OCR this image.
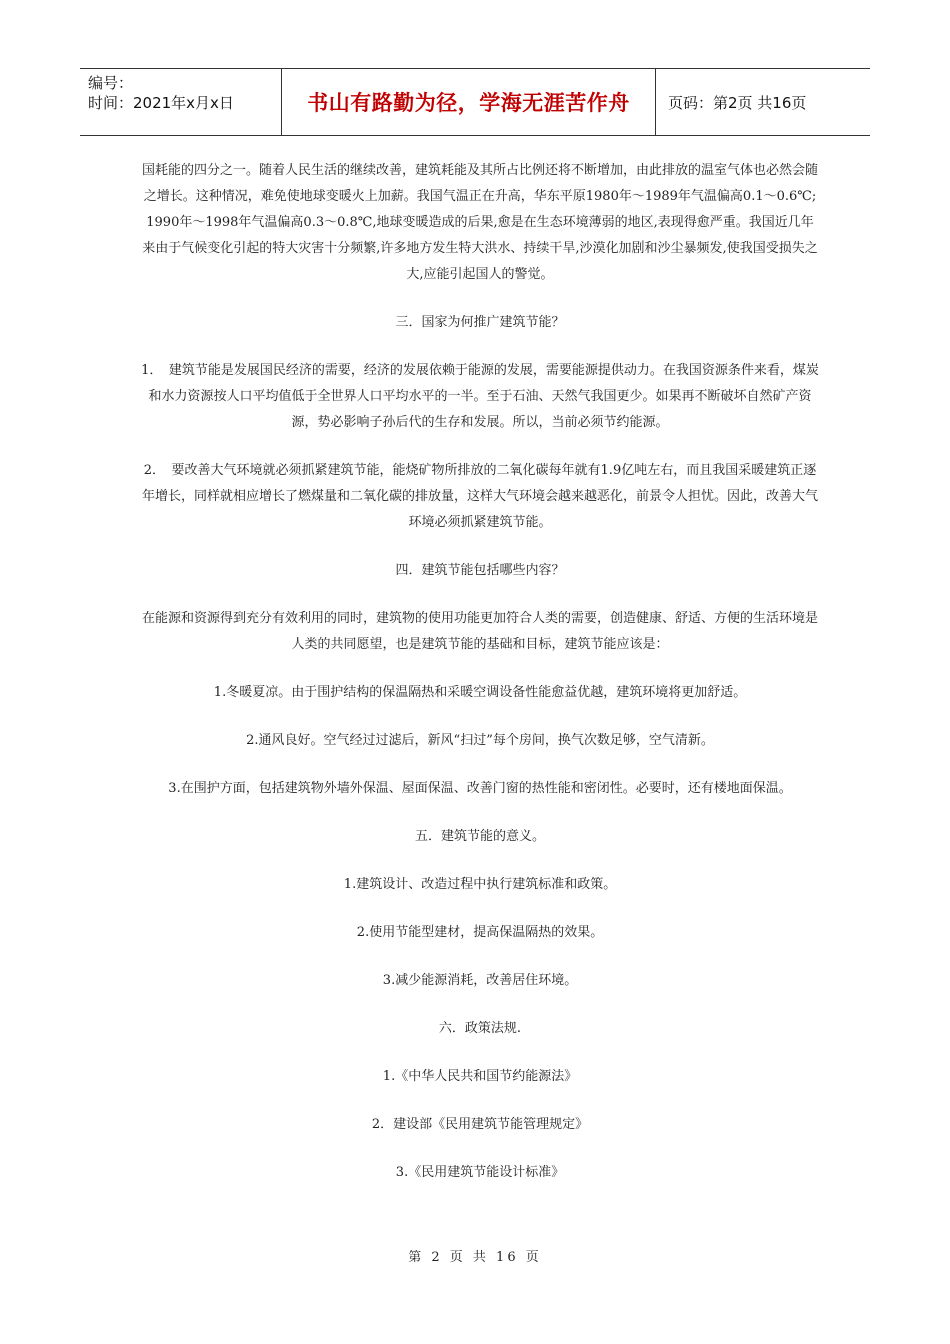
编号：
时间：2021年x月x日	书山有路勤为径，学海无涯苦作舟	页码：第2页 共16页

国耗能的四分之一。随着人民生活的继续改善，建筑耗能及其所占比例还将不断增加，由此排放的温室气体也必然会随之增长。这种情况，难免使地球变暖火上加薪。我国气温正在升高，华东平原1980年～1989年气温偏高0.1～0.6℃;1990年～1998年气温偏高0.3～0.8℃,地球变暖造成的后果,愈是在生态环境薄弱的地区,表现得愈严重。我国近几年来由于气候变化引起的特大灾害十分频繁,许多地方发生特大洪水、持续干旱,沙漠化加剧和沙尘暴频发,使我国受损失之大,应能引起国人的警觉。

三．国家为何推广建筑节能？

1．　建筑节能是发展国民经济的需要，经济的发展依赖于能源的发展，需要能源提供动力。在我国资源条件来看，煤炭和水力资源按人口平均值低于全世界人口平均水平的一半。至于石油、天然气我国更少。如果再不断破坏自然矿产资源，势必影响子孙后代的生存和发展。所以，当前必须节约能源。

2．　要改善大气环境就必须抓紧建筑节能，能烧矿物所排放的二氧化碳每年就有1.9亿吨左右，而且我国采暖建筑正逐年增长，同样就相应增长了燃煤量和二氧化碳的排放量，这样大气环境会越来越恶化，前景令人担忧。因此，改善大气环境必须抓紧建筑节能。

四．建筑节能包括哪些内容？

在能源和资源得到充分有效利用的同时，建筑物的使用功能更加符合人类的需要，创造健康、舒适、方便的生活环境是人类的共同愿望，也是建筑节能的基础和目标，建筑节能应该是：

1.冬暖夏凉。由于围护结构的保温隔热和采暖空调设备性能愈益优越，建筑环境将更加舒适。

2.通风良好。空气经过过滤后，新风“扫过”每个房间，换气次数足够，空气清新。

3.在围护方面，包括建筑物外墙外保温、屋面保温、改善门窗的热性能和密闭性。必要时，还有楼地面保温。

五．建筑节能的意义。

1.建筑设计、改造过程中执行建筑标准和政策。

2.使用节能型建材，提高保温隔热的效果。

3.减少能源消耗，改善居住环境。

六．政策法规.

1.《中华人民共和国节约能源法》

2．建设部《民用建筑节能管理规定》

3.《民用建筑节能设计标准》

第 2 页 共 16 页
